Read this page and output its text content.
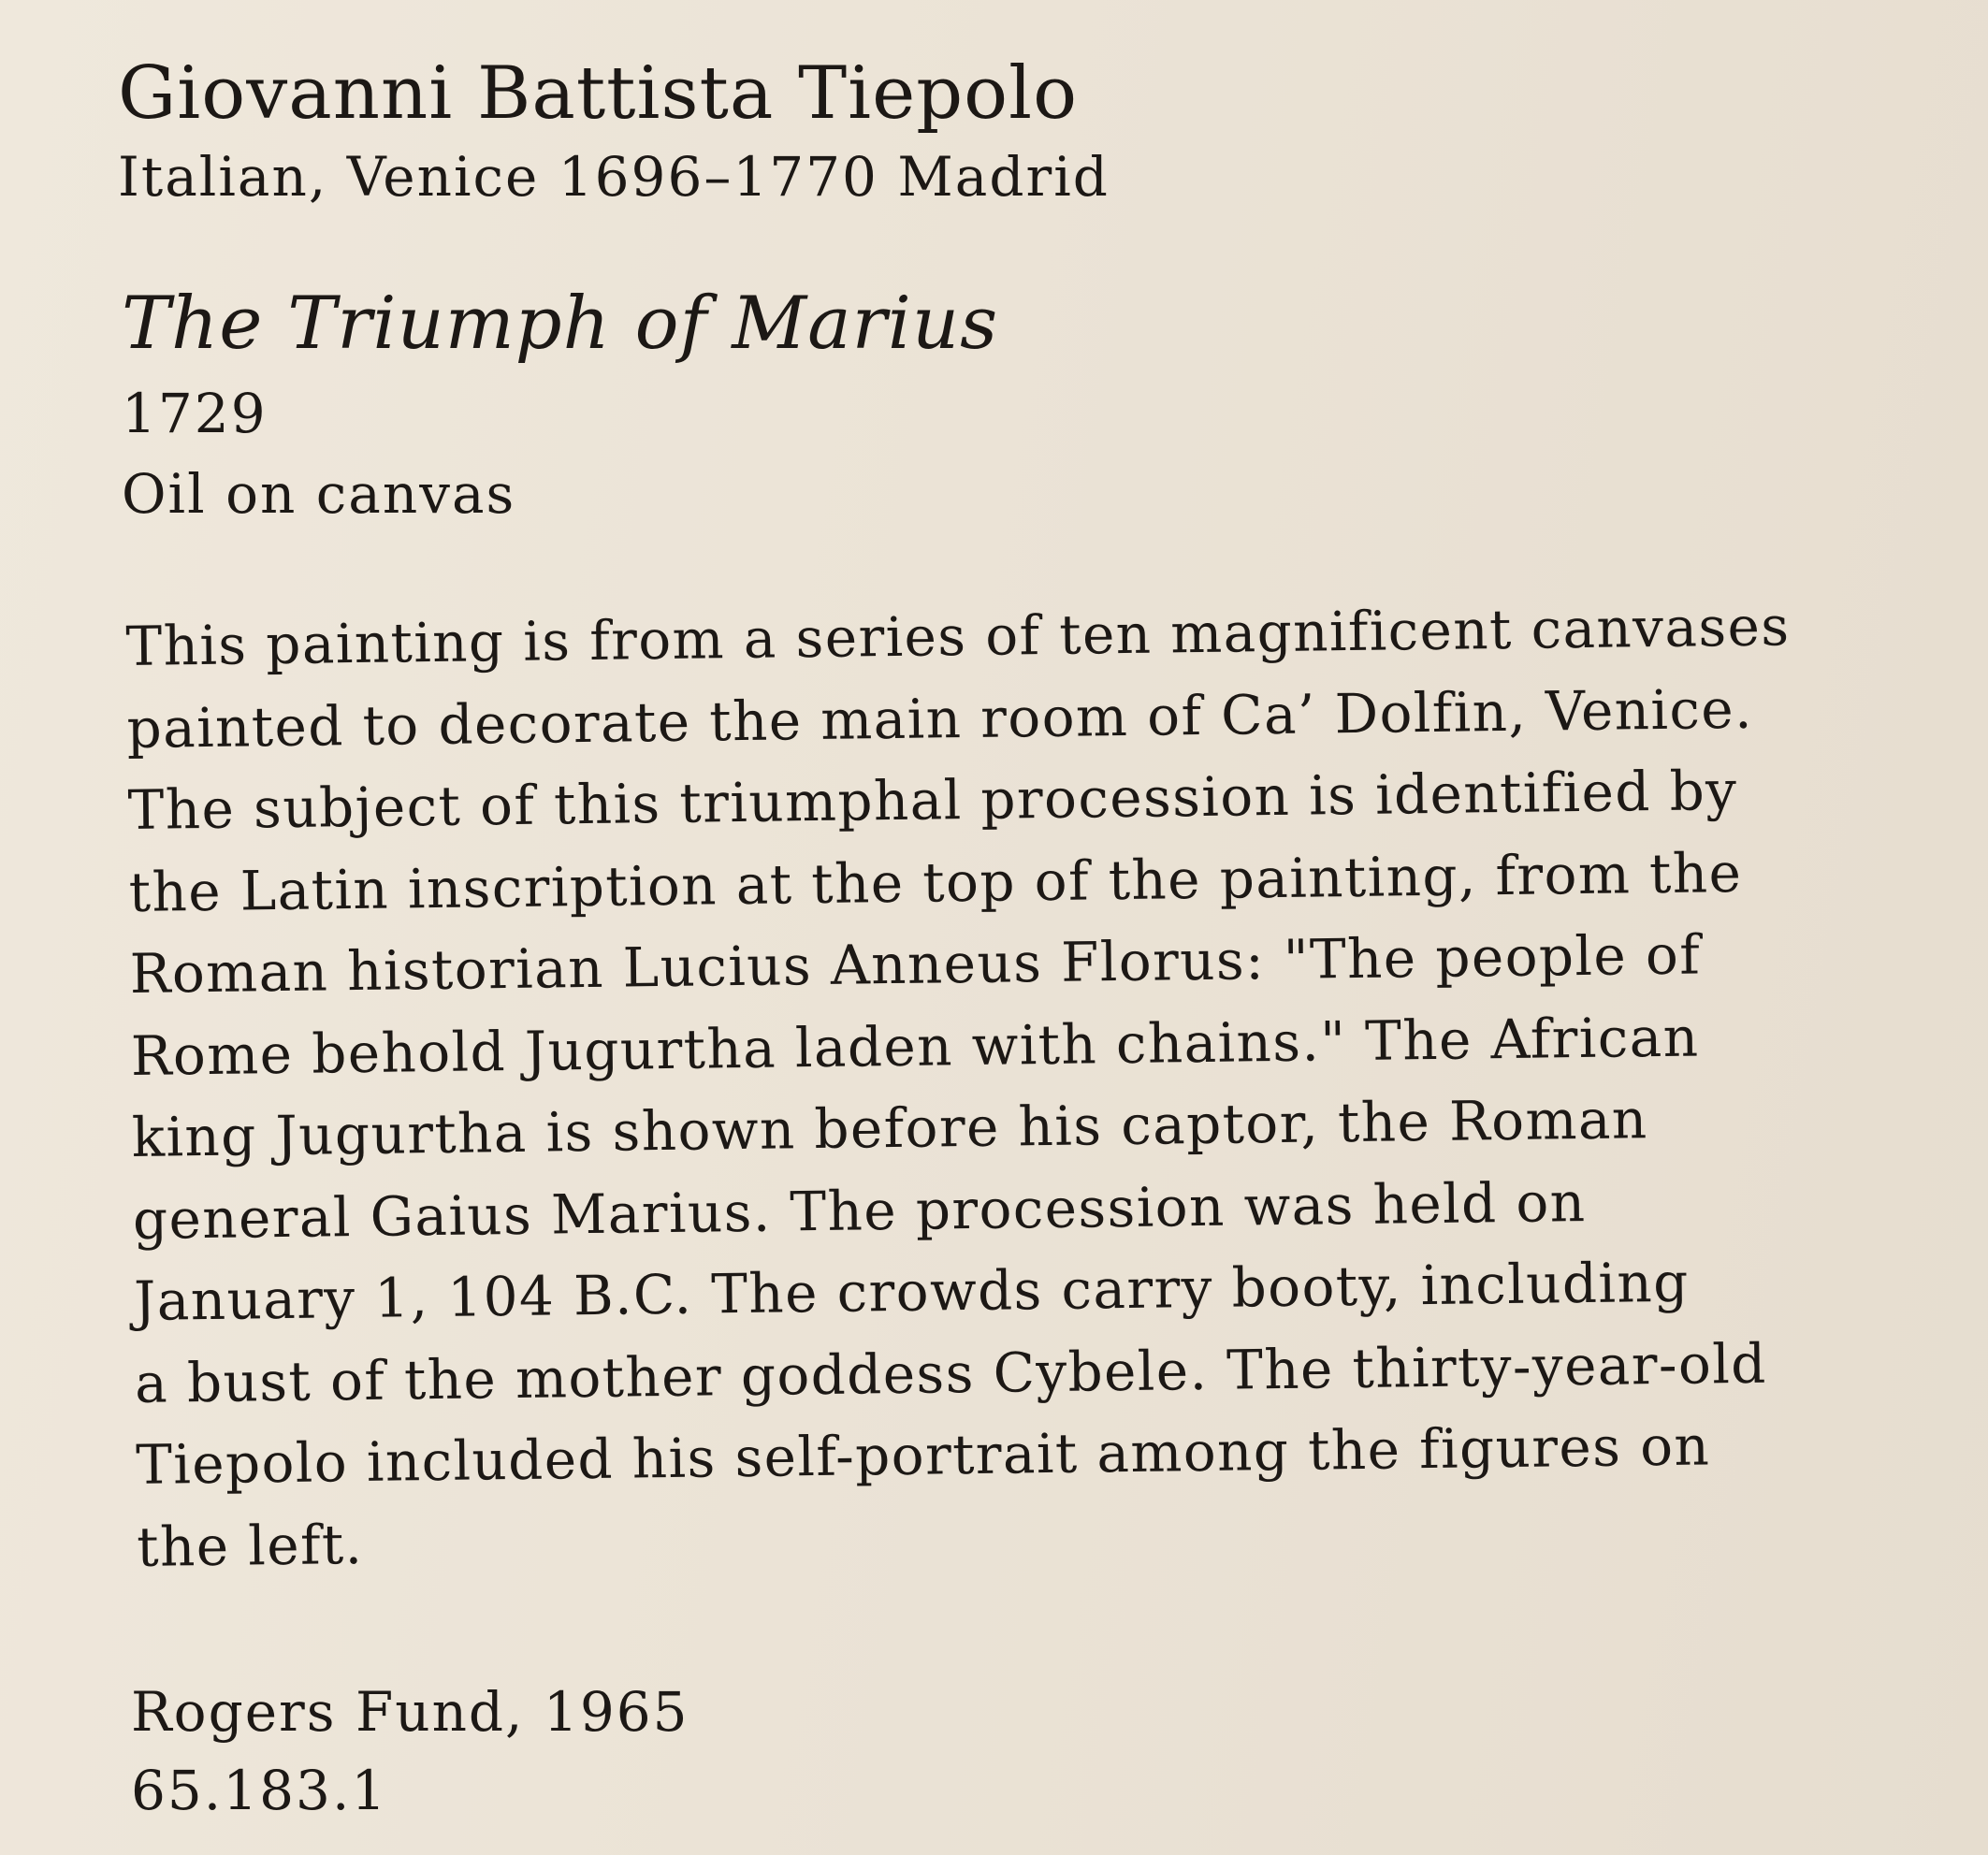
Giovanni Battista Tiepolo
Italian, Venice 1696–1770 Madrid
The Triumph of Marius
1729
Oil on canvas
This painting is from a series of ten magnificent canvases
painted to decorate the main room of Ca’ Dolfin, Venice.
The subject of this triumphal procession is identified by
the Latin inscription at the top of the painting, from the
Roman historian Lucius Anneus Florus: "The people of
Rome behold Jugurtha laden with chains." The African
king Jugurtha is shown before his captor, the Roman
general Gaius Marius. The procession was held on
January 1, 104 B.C. The crowds carry booty, including
a bust of the mother goddess Cybele. The thirty-year-old
Tiepolo included his self-portrait among the figures on
the left.
Rogers Fund, 1965
65.183.1
